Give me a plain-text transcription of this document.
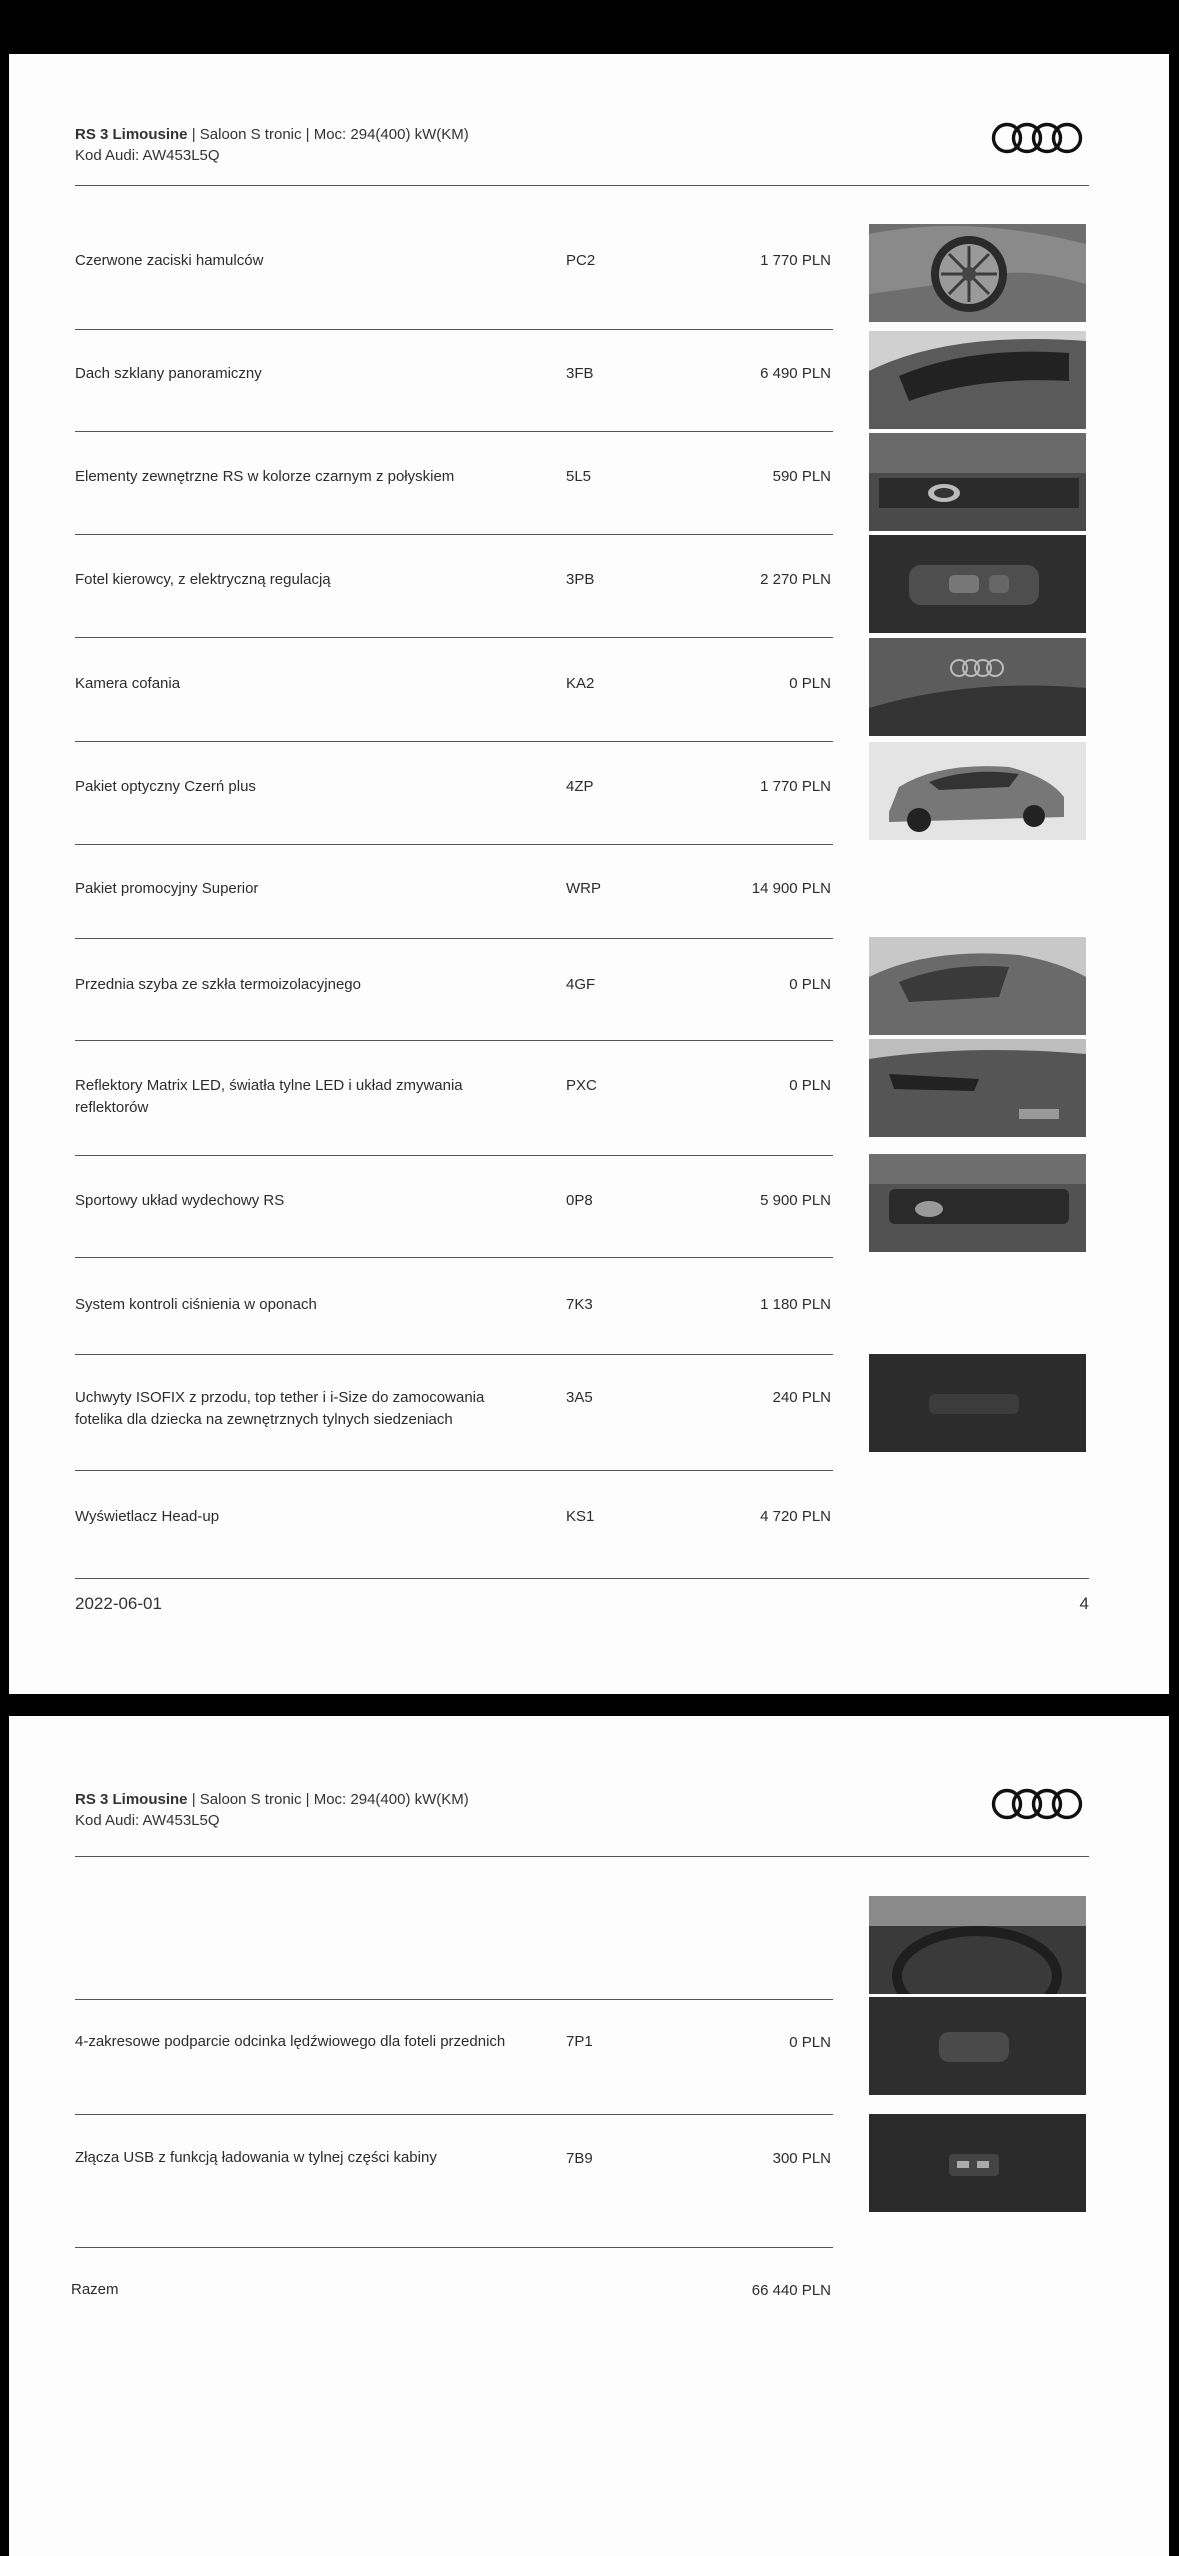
RS 3 Limousine | Saloon S tronic | Moc: 294(400) kW(KM)
Kod Audi: AW453L5Q
Czerwone zaciski hamulców	PC2	1 770 PLN
Dach szklany panoramiczny	3FB	6 490 PLN
Elementy zewnętrzne RS w kolorze czarnym z połyskiem	5L5	590 PLN
Fotel kierowcy, z elektryczną regulacją	3PB	2 270 PLN
Kamera cofania	KA2	0 PLN
Pakiet optyczny Czerń plus	4ZP	1 770 PLN
Pakiet promocyjny Superior	WRP	14 900 PLN
Przednia szyba ze szkła termoizolacyjnego	4GF	0 PLN
Reflektory Matrix LED, światła tylne LED i układ zmywania reflektorów
PXC	0 PLN
Sportowy układ wydechowy RS	0P8	5 900 PLN
System kontroli ciśnienia w oponach	7K3	1 180 PLN
Uchwyty ISOFIX z przodu, top tether i i-Size do zamocowania fotelika dla dziecka na zewnętrznych tylnych siedzeniach
3A5	240 PLN
Wyświetlacz Head-up	KS1	4 720 PLN
2022-06-01	4
RS 3 Limousine | Saloon S tronic | Moc: 294(400) kW(KM)
Kod Audi: AW453L5Q
4-zakresowe podparcie odcinka lędźwiowego dla foteli przednich	7P1	0 PLN
Złącza USB z funkcją ładowania w tylnej części kabiny	7B9	300 PLN
Razem	66 440 PLN
